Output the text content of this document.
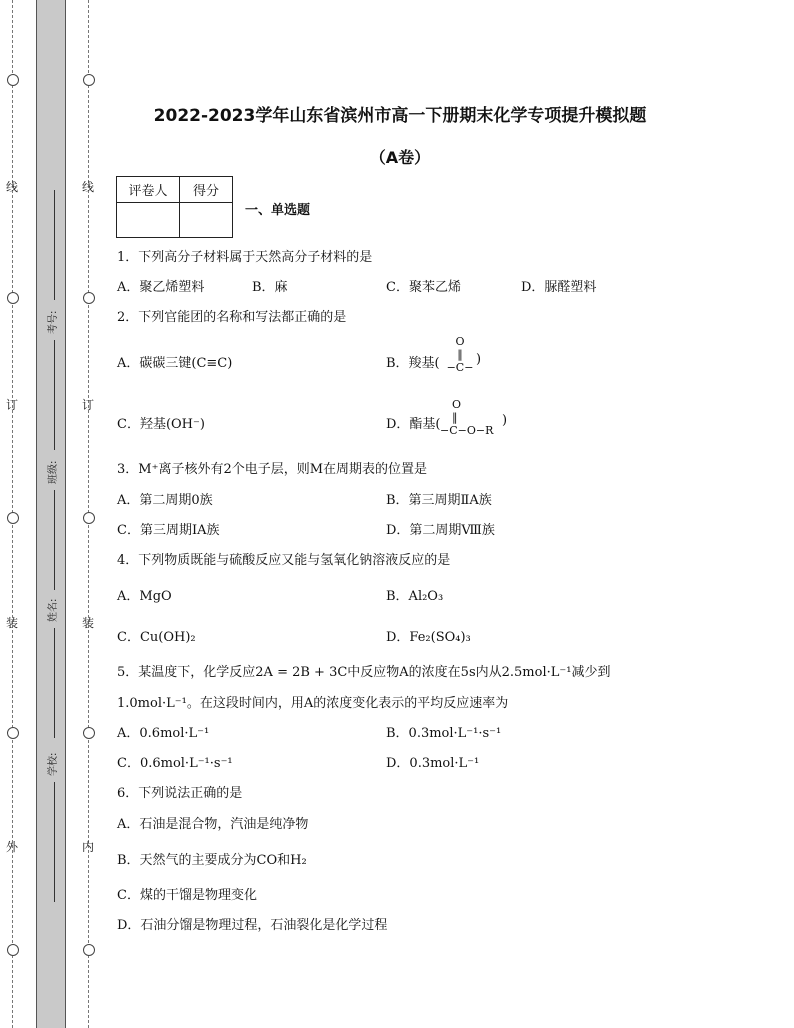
线
订
装
外
线
订
装
内
考号:
班级:
姓名:
学校:
2022-2023学年山东省滨州市高一下册期末化学专项提升模拟题
（A卷）
评卷人	得分

一、单选题
1．下列高分子材料属于天然高分子材料的是
A．聚乙烯塑料	B．麻	C．聚苯乙烯	D．脲醛塑料
2．下列官能团的名称和写法都正确的是
A．碳碳三键(C≡C)	B．羧基(
O
‖
−C−
)
C．羟基(OH⁻)	D．酯基(
O
‖
−C−O−R
)
3．M⁺离子核外有2个电子层，则M在周期表的位置是
A．第二周期0族	B．第三周期ⅡA族
C．第三周期ⅠA族	D．第二周期Ⅷ族
4．下列物质既能与硫酸反应又能与氢氧化钠溶液反应的是
A．MgO	B．Al₂O₃
C．Cu(OH)₂	D．Fe₂(SO₄)₃
5．某温度下，化学反应2A = 2B + 3C中反应物A的浓度在5s内从2.5mol·L⁻¹减少到
1.0mol·L⁻¹。在这段时间内，用A的浓度变化表示的平均反应速率为
A．0.6mol·L⁻¹	B．0.3mol·L⁻¹·s⁻¹
C．0.6mol·L⁻¹·s⁻¹	D．0.3mol·L⁻¹
6．下列说法正确的是
A．石油是混合物，汽油是纯净物
B．天然气的主要成分为CO和H₂
C．煤的干馏是物理变化
D．石油分馏是物理过程，石油裂化是化学过程
